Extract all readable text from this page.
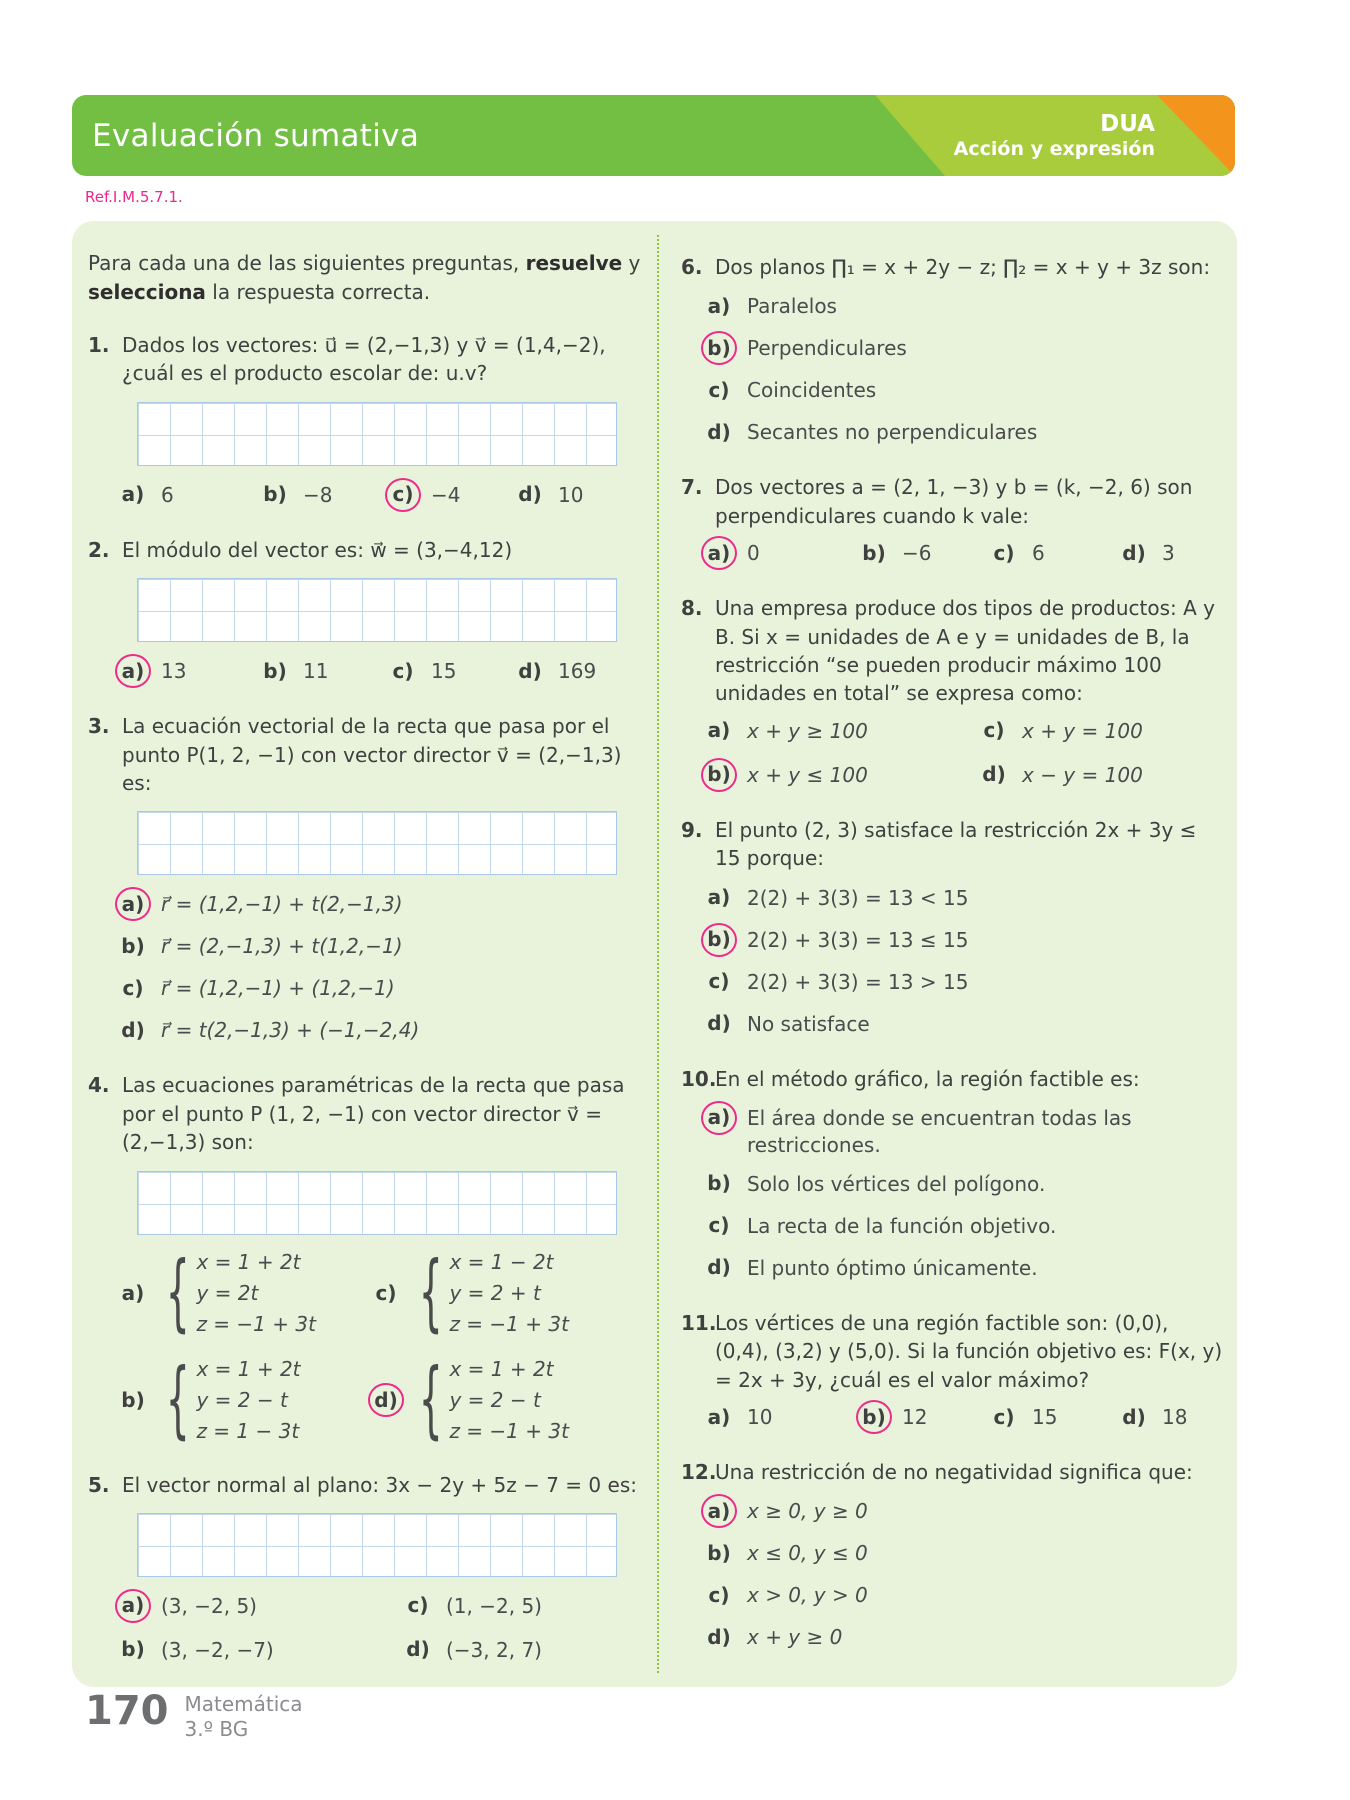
Evaluación sumativa	DUA
Acción y expresión
Ref.I.M.5.7.1.
Para cada una de las siguientes preguntas, resuelve y selecciona la respuesta correcta.
1. Dados los vectores: u⃗ = (2,−1,3) y v⃗ = (1,4,−2), ¿cuál es el producto escolar de: u.v?
a) 6	b) −8	c) −4	d) 10
2. El módulo del vector es: w⃗ = (3,−4,12)
a) 13	b) 11	c) 15	d) 169
3. La ecuación vectorial de la recta que pasa por el punto P(1, 2, −1) con vector director v⃗ = (2,−1,3) es:
a) r⃗ = (1,2,−1) + t(2,−1,3)
b) r⃗ = (2,−1,3) + t(1,2,−1)
c) r⃗ = (1,2,−1) + (1,2,−1)
d) r⃗ = t(2,−1,3) + (−1,−2,4)
4. Las ecuaciones paramétricas de la recta que pasa por el punto P (1, 2, −1) con vector director v⃗ = (2,−1,3) son:
a) { x = 1 + 2t
y = 2t
z = −1 + 3t
c) { x = 1 − 2t
y = 2 + t
z = −1 + 3t
b) { x = 1 + 2t
y = 2 − t
z = 1 − 3t
d) { x = 1 + 2t
y = 2 − t
z = −1 + 3t
5. El vector normal al plano: 3x − 2y + 5z − 7 = 0 es:
a) (3, −2, 5)	c) (1, −2, 5)
b) (3, −2, −7)	d) (−3, 2, 7)
6. Dos planos ∏₁ = x + 2y − z; ∏₂ = x + y + 3z son:
a) Paralelos
b) Perpendiculares
c) Coincidentes
d) Secantes no perpendiculares
7. Dos vectores a = (2, 1, −3) y b = (k, −2, 6) son perpendiculares cuando k vale:
a) 0	b) −6	c) 6	d) 3
8. Una empresa produce dos tipos de productos: A y B. Si x = unidades de A e y = unidades de B, la restricción “se pueden producir máximo 100 unidades en total” se expresa como:
a) x + y ≥ 100	c) x + y = 100
b) x + y ≤ 100	d) x − y = 100
9. El punto (2, 3) satisface la restricción 2x + 3y ≤ 15 porque:
a) 2(2) + 3(3) = 13 < 15
b) 2(2) + 3(3) = 13 ≤ 15
c) 2(2) + 3(3) = 13 > 15
d) No satisface
10.
En el método gráfico, la región factible es:
a) El área donde se encuentran todas las restricciones.
b) Solo los vértices del polígono.
c) La recta de la función objetivo.
d) El punto óptimo únicamente.
11.
Los vértices de una región factible son: (0,0), (0,4), (3,2) y (5,0). Si la función objetivo es: F(x, y) = 2x + 3y, ¿cuál es el valor máximo?
a) 10	b) 12	c) 15	d) 18
12.
Una restricción de no negatividad significa que:
a) x ≥ 0, y ≥ 0
b) x ≤ 0, y ≤ 0
c) x > 0, y > 0
d) x + y ≥ 0
170 Matemática
3.º BG
